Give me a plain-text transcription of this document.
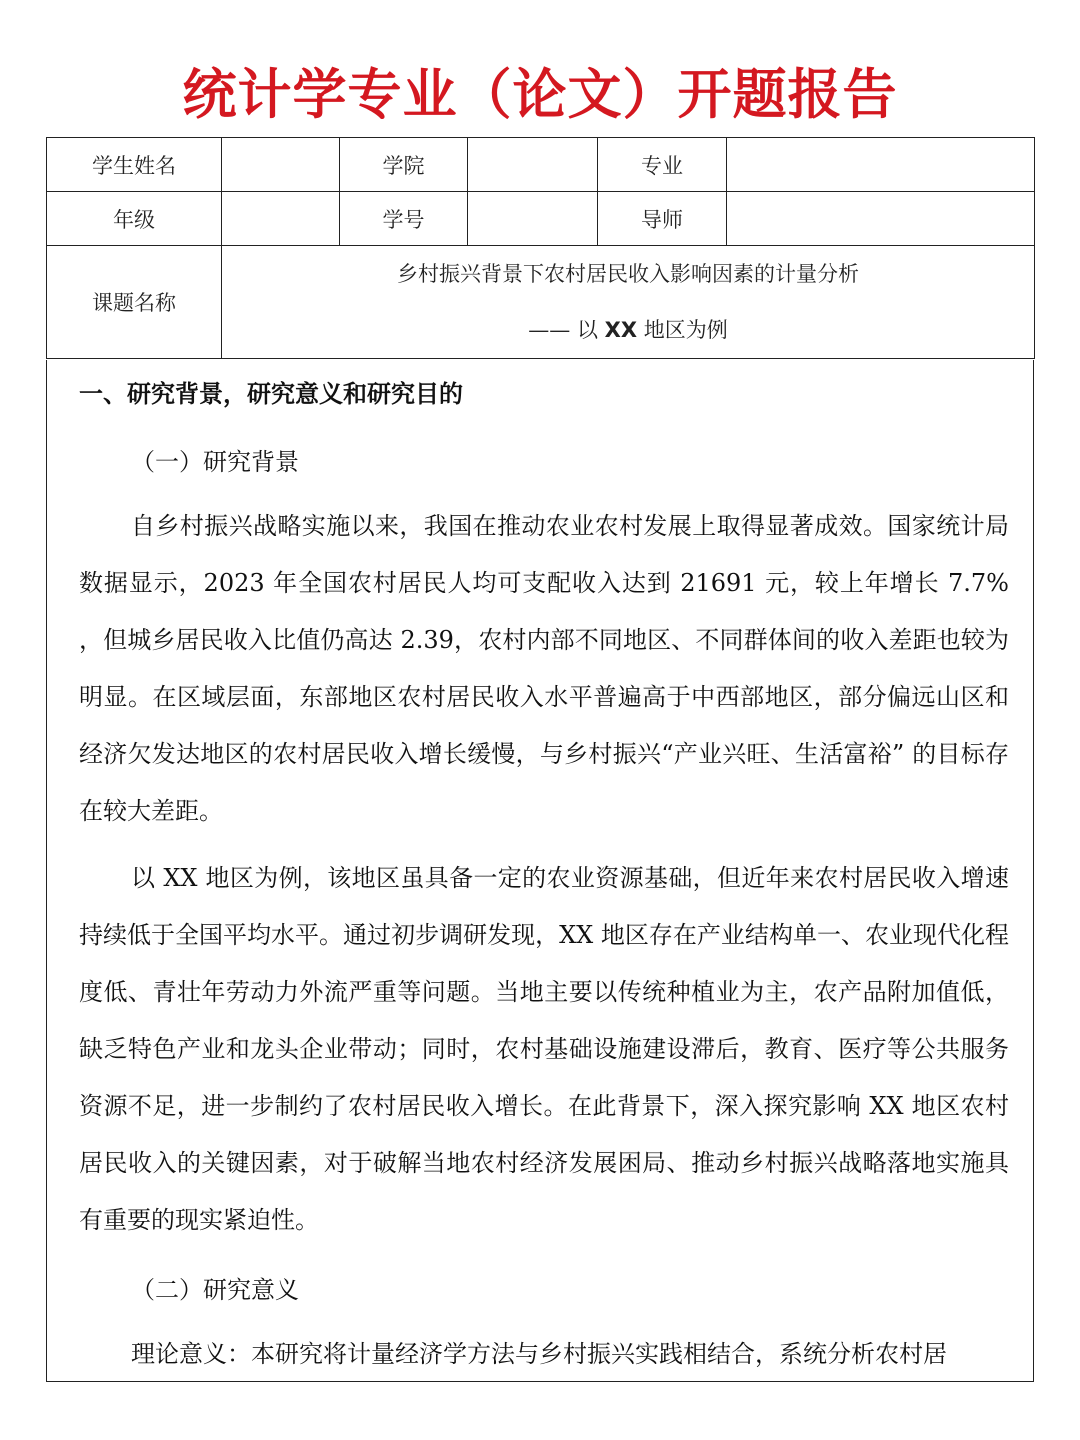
统计学专业（论文）开题报告
学生姓名		学院		专业	
年级		学号		导师	
课题名称	乡村振兴背景下农村居民收入影响因素的计量分析
—— 以 XX 地区为例				
一、研究背景，研究意义和研究目的
（一）研究背景
自乡村振兴战略实施以来，我国在推动农业农村发展上取得显著成效。国家统计局数据显示，2023 年全国农村居民人均可支配收入达到 21691 元，较上年增长 7.7% ，但城乡居民收入比值仍高达 2.39，农村内部不同地区、不同群体间的收入差距也较为明显。在区域层面，东部地区农村居民收入水平普遍高于中西部地区，部分偏远山区和经济欠发达地区的农村居民收入增长缓慢，与乡村振兴“产业兴旺、生活富裕” 的目标存在较大差距。
以 XX 地区为例，该地区虽具备一定的农业资源基础，但近年来农村居民收入增速持续低于全国平均水平。通过初步调研发现，XX 地区存在产业结构单一、农业现代化程度低、青壮年劳动力外流严重等问题。当地主要以传统种植业为主，农产品附加值低，缺乏特色产业和龙头企业带动；同时，农村基础设施建设滞后，教育、医疗等公共服务资源不足，进一步制约了农村居民收入增长。在此背景下，深入探究影响 XX 地区农村居民收入的关键因素，对于破解当地农村经济发展困局、推动乡村振兴战略落地实施具有重要的现实紧迫性。
（二）研究意义
理论意义：本研究将计量经济学方法与乡村振兴实践相结合，系统分析农村居
